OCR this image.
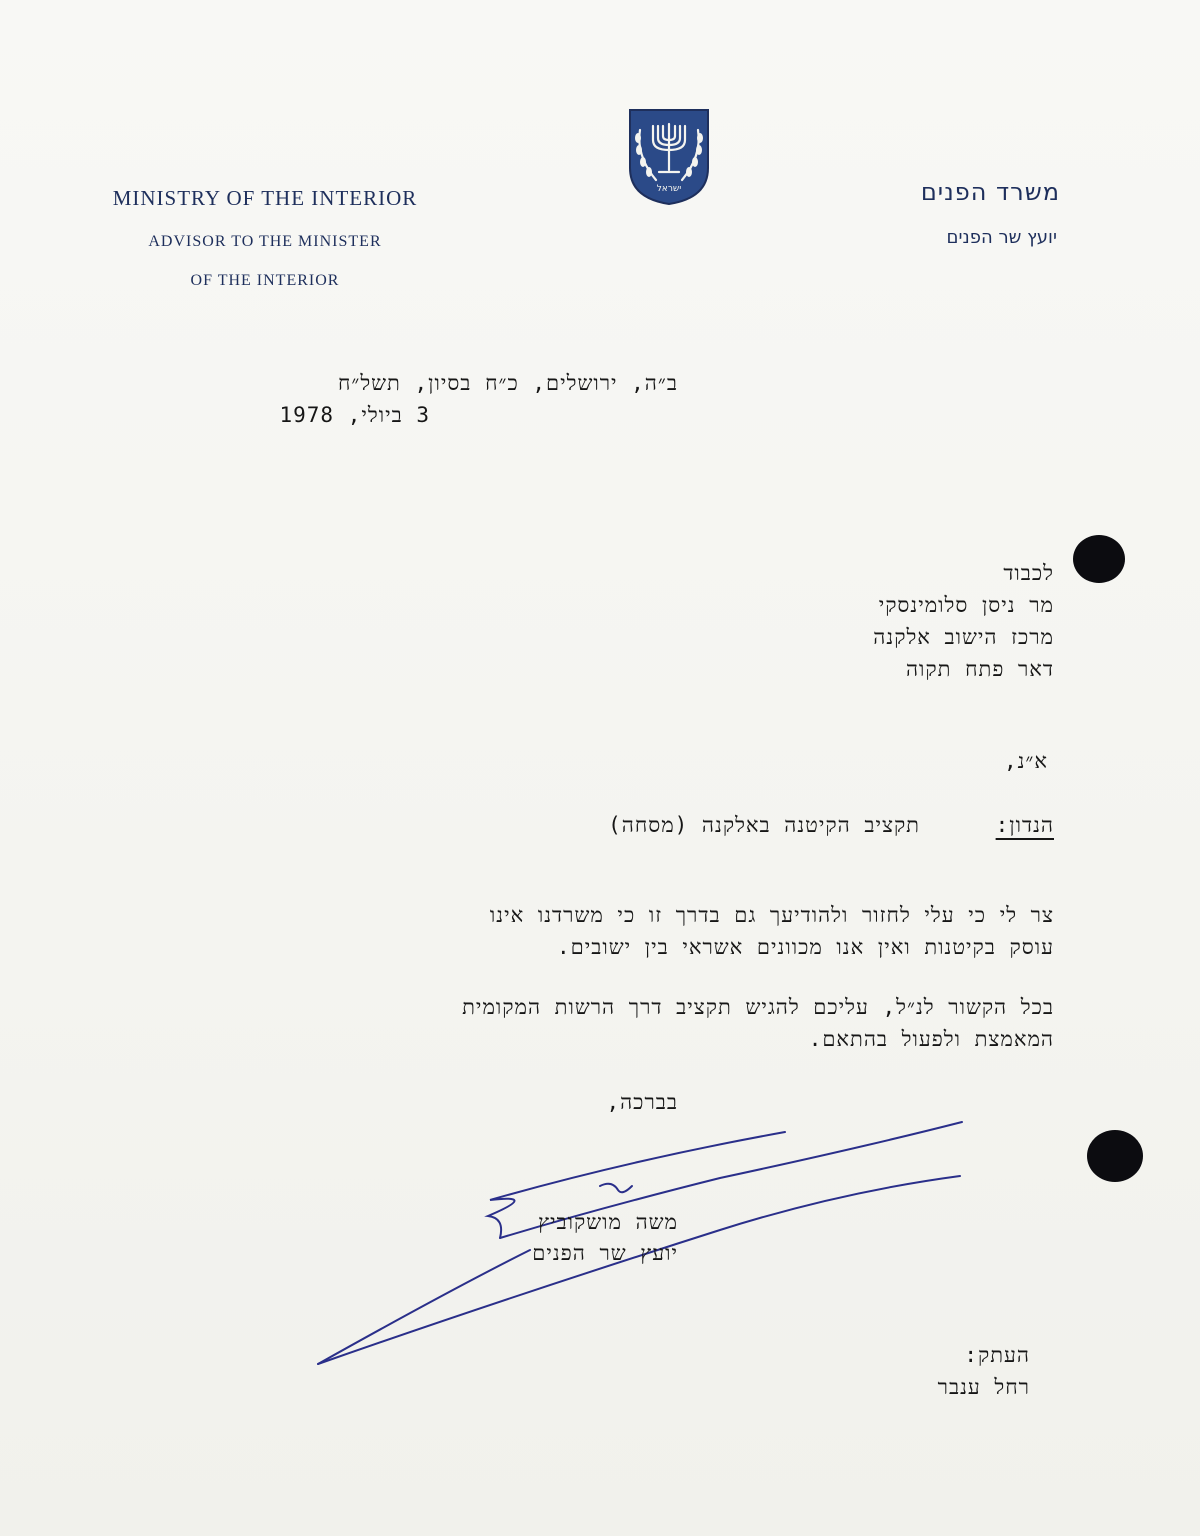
MINISTRY OF THE INTERIOR
ADVISOR TO THE MINISTER
OF THE INTERIOR
ישראל	משרד הפנים
יועץ שר הפנים
ב״ה, ירושלים, כ״ח בסיון, תשל״ח
3 ביולי, 1978
לכבוד
מר ניסן סלומינסקי
מרכז הישוב אלקנה
דאר פתח תקוה
א״נ,
הנדון:
תקציב הקיטנה באלקנה (מסחה)
צר לי כי עלי לחזור ולהודיעך גם בדרך זו כי משרדנו אינו
עוסק בקיטנות ואין אנו מכוונים אשראי בין ישובים.
בכל הקשור לנ״ל, עליכם להגיש תקציב דרך הרשות המקומית
המאמצת ולפעול בהתאם.
בברכה,
משה מושקוביץ
יועץ שר הפנים
העתק:
רחל ענבר
